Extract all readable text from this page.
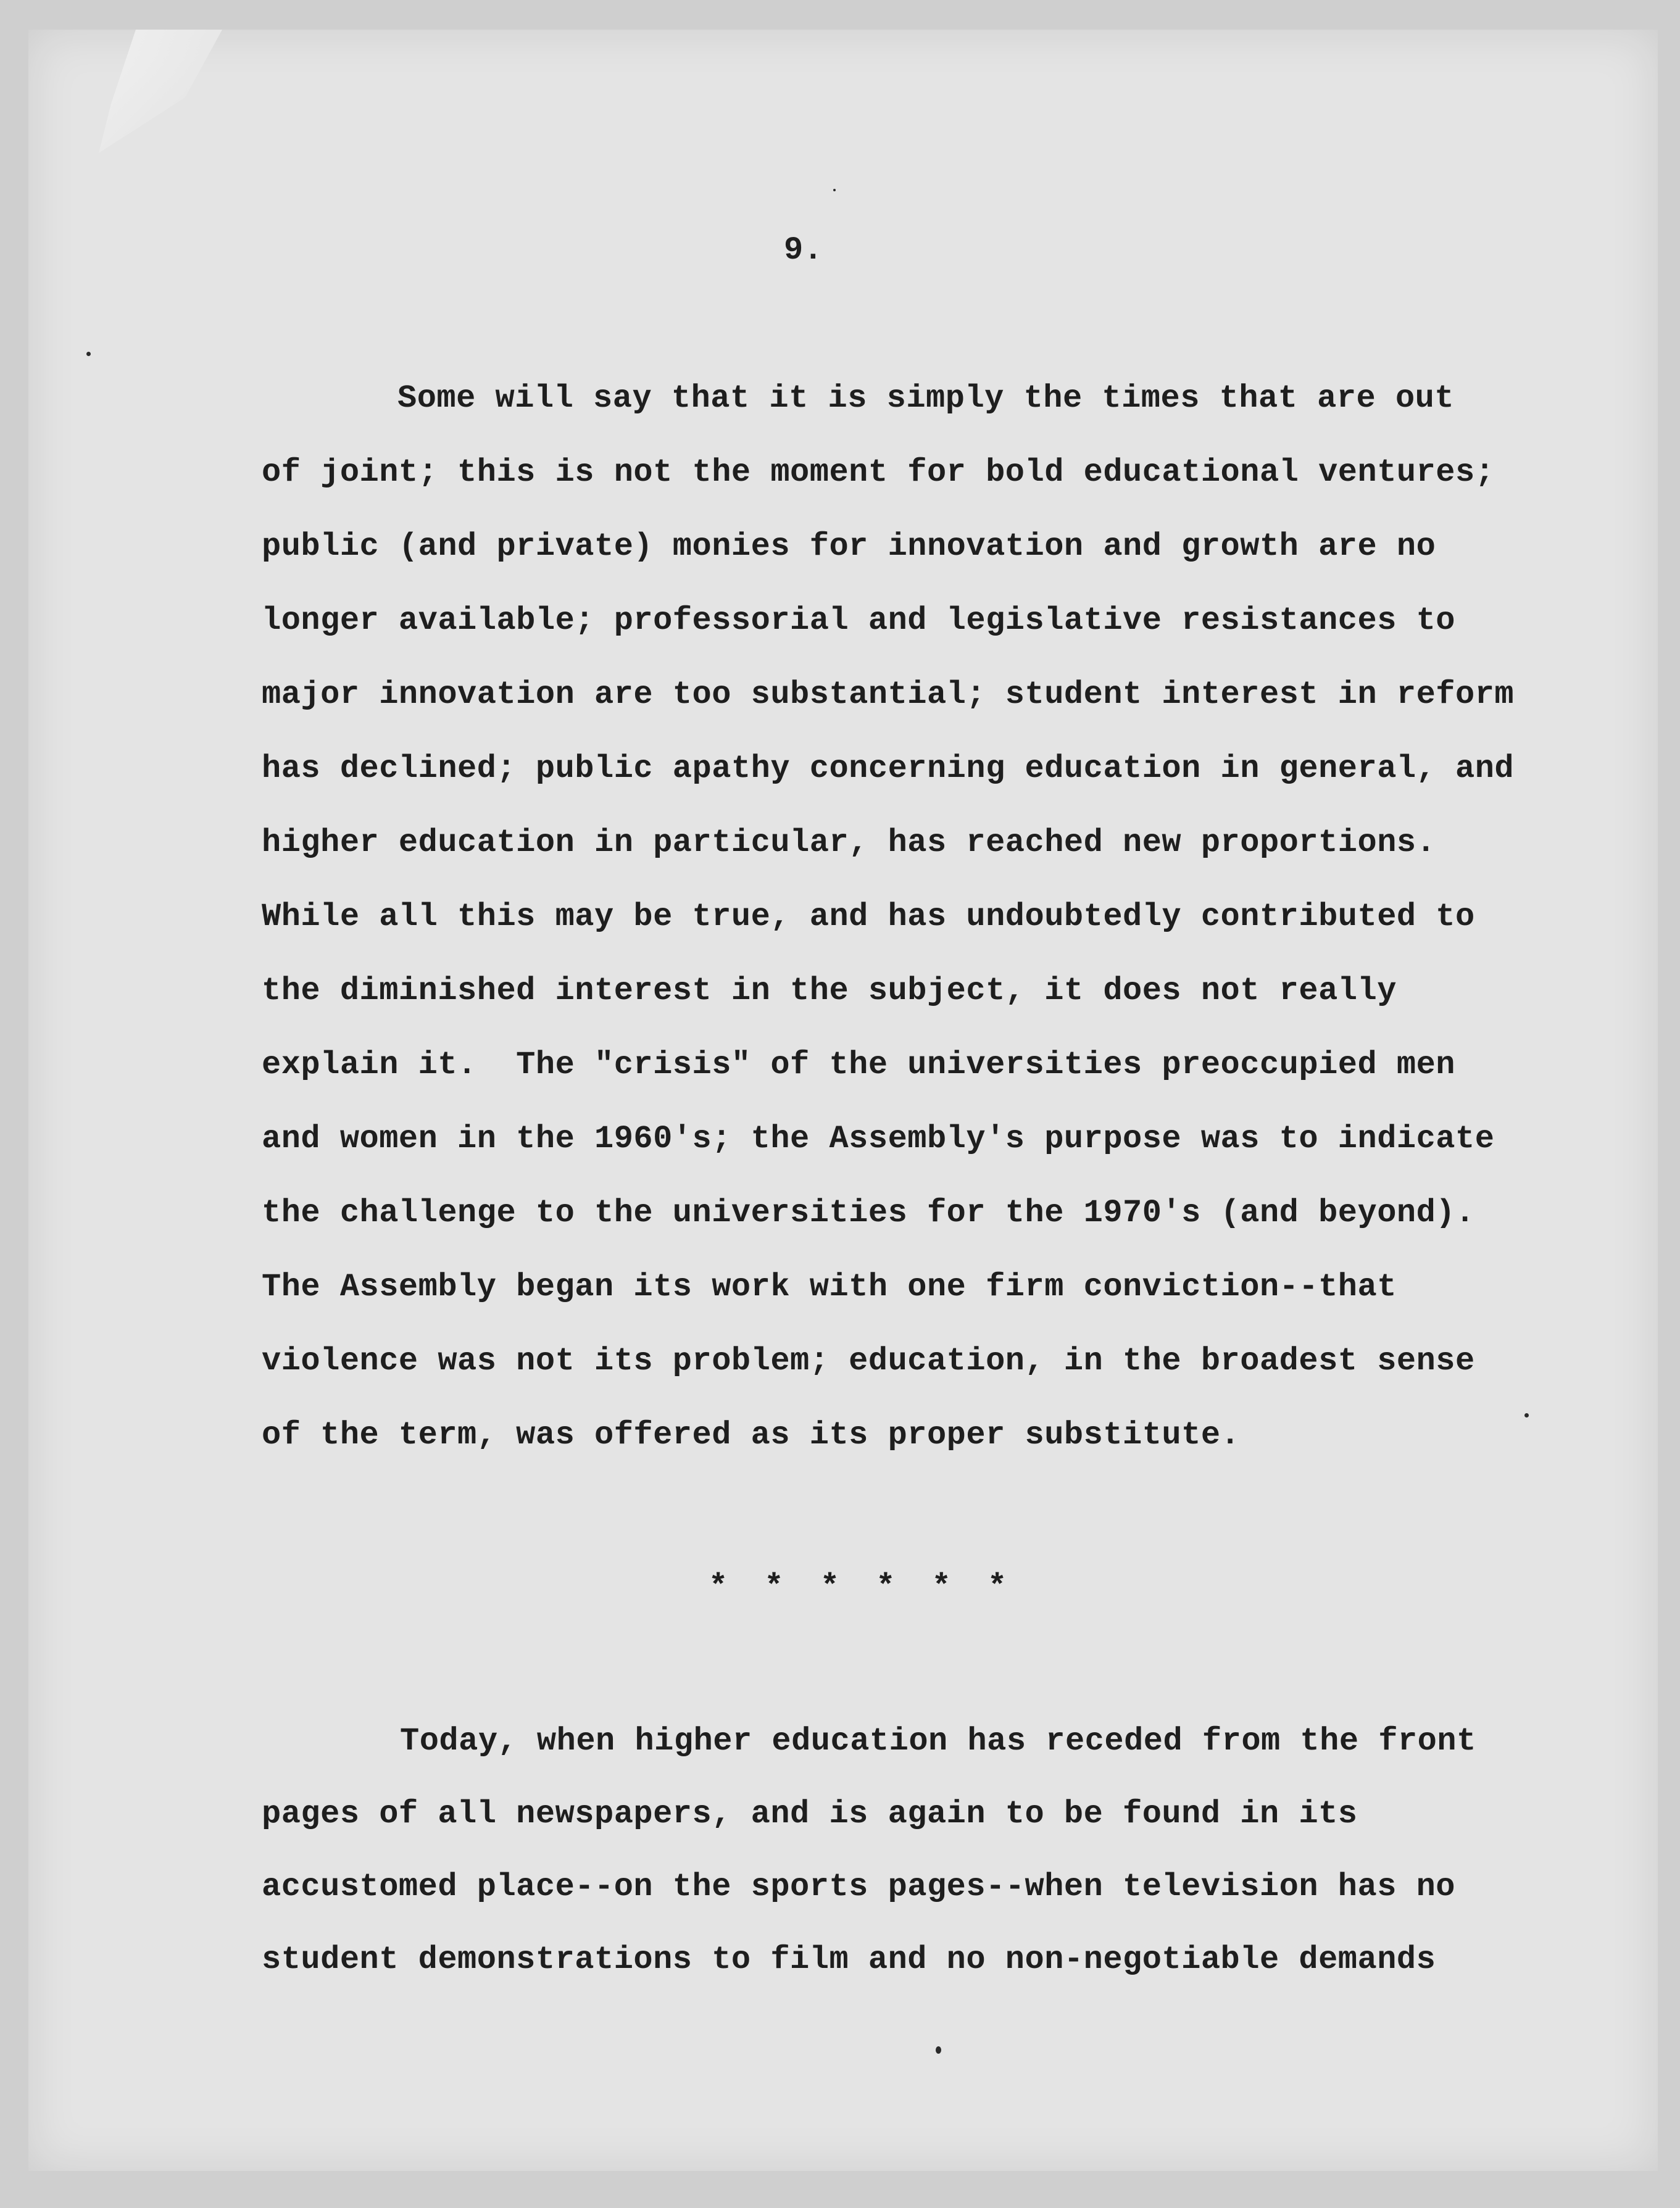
9.
Some will say that it is simply the times that are out
of joint; this is not the moment for bold educational ventures;
public (and private) monies for innovation and growth are no
longer available; professorial and legislative resistances to
major innovation are too substantial; student interest in reform
has declined; public apathy concerning education in general, and
higher education in particular, has reached new proportions.
While all this may be true, and has undoubtedly contributed to
the diminished interest in the subject, it does not really
explain it.  The "crisis" of the universities preoccupied men
and women in the 1960's; the Assembly's purpose was to indicate
the challenge to the universities for the 1970's (and beyond).
The Assembly began its work with one firm conviction--that
violence was not its problem; education, in the broadest sense
of the term, was offered as its proper substitute.
* * * * * *
Today, when higher education has receded from the front
pages of all newspapers, and is again to be found in its
accustomed place--on the sports pages--when television has no
student demonstrations to film and no non-negotiable demands
